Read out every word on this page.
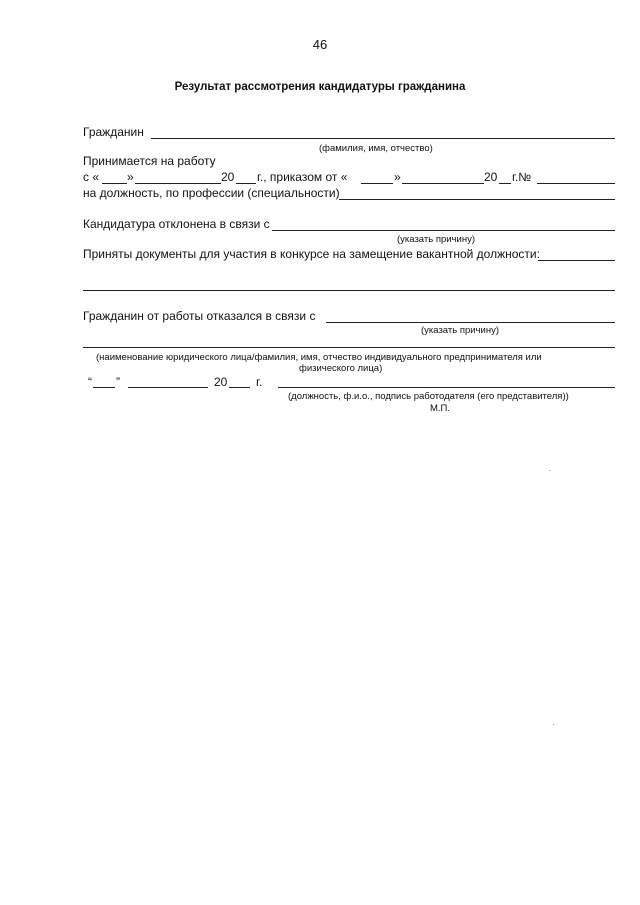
46
Результат рассмотрения кандидатуры гражданина
Гражданин
(фамилия, имя, отчество)
Принимается на работу
с « »	20 г., приказом от «	»	20 г.№
на должность, по профессии (специальности)
Кандидатура отклонена в связи с
(указать причину)
Приняты документы для участия в конкурсе на замещение вакантной должности:
Гражданин от работы отказался в связи с
(указать причину)
(наименование юридического лица/фамилия, имя, отчество индивидуального предпринимателя или
физического лица)
“ ”	20 г.
(должность, ф.и.о., подпись работодателя (его представителя))
М.П.
